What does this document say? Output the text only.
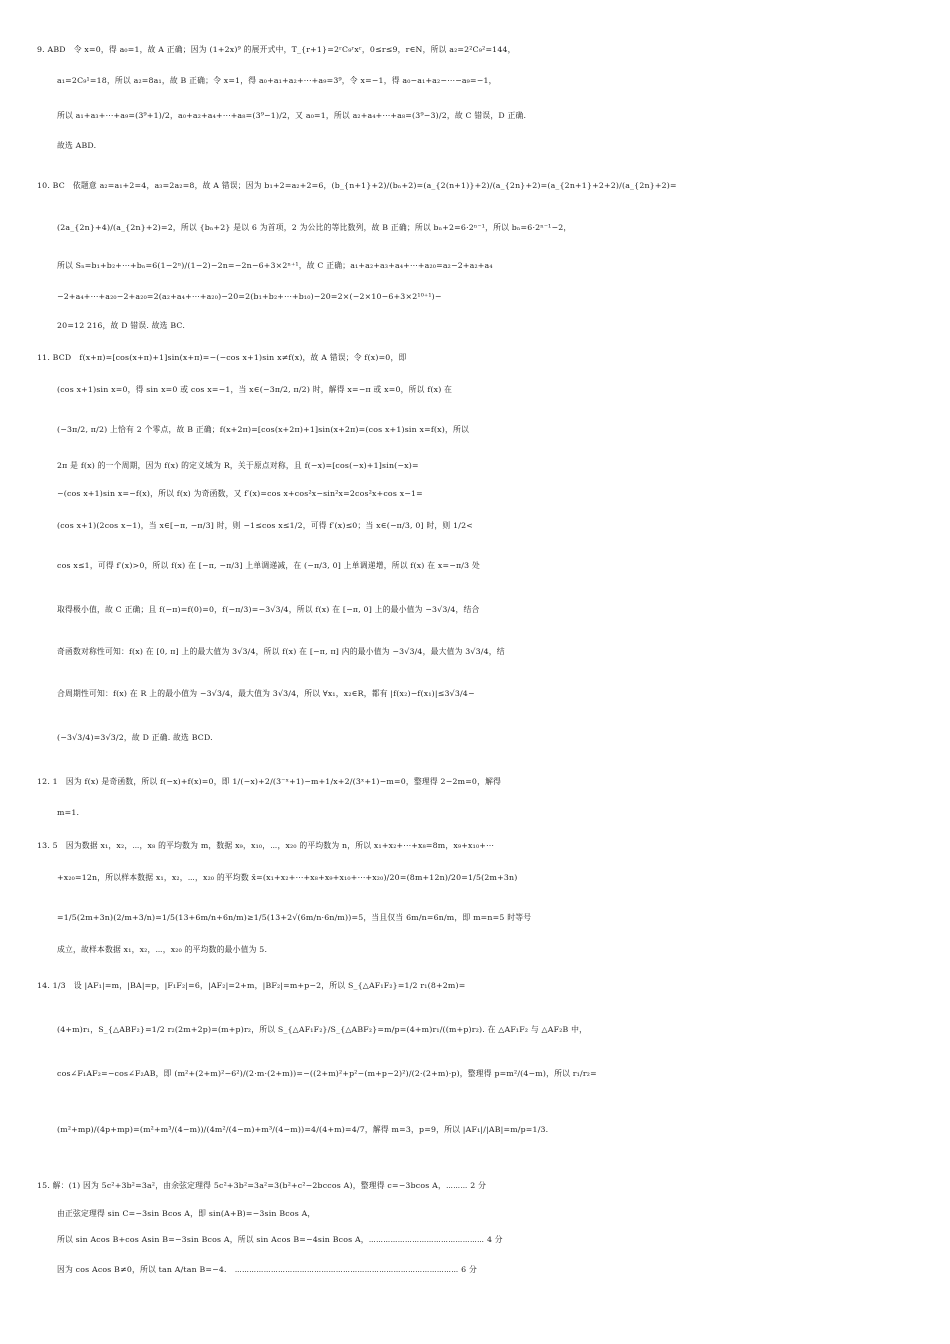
9. ABD　令 x=0，得 a₀=1，故 A 正确；因为 (1+2x)⁹ 的展开式中，T_{r+1}=2ʳC₉ʳxʳ，0≤r≤9，r∈N，所以 a₂=2²C₉²=144，
a₁=2C₉¹=18，所以 a₂=8a₁，故 B 正确；令 x=1，得 a₀+a₁+a₂+⋯+a₉=3⁹，令 x=−1，得 a₀−a₁+a₂−⋯−a₉=−1，
所以 a₁+a₃+⋯+a₉=(3⁹+1)/2，a₀+a₂+a₄+⋯+a₈=(3⁹−1)/2，又 a₀=1，所以 a₂+a₄+⋯+a₈=(3⁹−3)/2，故 C 错误，D 正确.
故选 ABD.
10. BC　依题意 a₂=a₁+2=4，a₃=2a₂=8，故 A 错误；因为 b₁+2=a₂+2=6，(b_{n+1}+2)/(bₙ+2)=(a_{2(n+1)}+2)/(a_{2n}+2)=(a_{2n+1}+2+2)/(a_{2n}+2)=
(2a_{2n}+4)/(a_{2n}+2)=2，所以 {bₙ+2} 是以 6 为首项，2 为公比的等比数列，故 B 正确；所以 bₙ+2=6·2ⁿ⁻¹，所以 bₙ=6·2ⁿ⁻¹−2，
所以 Sₙ=b₁+b₂+⋯+bₙ=6(1−2ⁿ)/(1−2)−2n=−2n−6+3×2ⁿ⁺¹，故 C 正确；a₁+a₂+a₃+a₄+⋯+a₂₀=a₂−2+a₂+a₄
−2+a₄+⋯+a₂₀−2+a₂₀=2(a₂+a₄+⋯+a₂₀)−20=2(b₁+b₂+⋯+b₁₀)−20=2×(−2×10−6+3×2¹⁰⁺¹)−
20=12 216，故 D 错误. 故选 BC.
11. BCD　f(x+π)=[cos(x+π)+1]sin(x+π)=−(−cos x+1)sin x≠f(x)，故 A 错误；令 f(x)=0，即
(cos x+1)sin x=0，得 sin x=0 或 cos x=−1，当 x∈(−3π/2, π/2) 时，解得 x=−π 或 x=0，所以 f(x) 在
(−3π/2, π/2) 上恰有 2 个零点，故 B 正确；f(x+2π)=[cos(x+2π)+1]sin(x+2π)=(cos x+1)sin x=f(x)，所以
2π 是 f(x) 的一个周期，因为 f(x) 的定义域为 R，关于原点对称，且 f(−x)=[cos(−x)+1]sin(−x)=
−(cos x+1)sin x=−f(x)，所以 f(x) 为奇函数，又 f′(x)=cos x+cos²x−sin²x=2cos²x+cos x−1=
(cos x+1)(2cos x−1)，当 x∈[−π, −π/3] 时，则 −1≤cos x≤1/2，可得 f′(x)≤0；当 x∈(−π/3, 0] 时，则 1/2<
cos x≤1，可得 f′(x)>0，所以 f(x) 在 [−π, −π/3] 上单调递减，在 (−π/3, 0] 上单调递增，所以 f(x) 在 x=−π/3 处
取得极小值，故 C 正确；且 f(−π)=f(0)=0，f(−π/3)=−3√3/4，所以 f(x) 在 [−π, 0] 上的最小值为 −3√3/4，结合
奇函数对称性可知：f(x) 在 [0, π] 上的最大值为 3√3/4，所以 f(x) 在 [−π, π] 内的最小值为 −3√3/4，最大值为 3√3/4，结
合周期性可知：f(x) 在 R 上的最小值为 −3√3/4，最大值为 3√3/4，所以 ∀x₁，x₂∈R，都有 |f(x₂)−f(x₁)|≤3√3/4−
(−3√3/4)=3√3/2，故 D 正确. 故选 BCD.
12. 1　因为 f(x) 是奇函数，所以 f(−x)+f(x)=0，即 1/(−x)+2/(3⁻ˣ+1)−m+1/x+2/(3ˣ+1)−m=0，整理得 2−2m=0，解得
m=1.
13. 5　因为数据 x₁，x₂，⋯，x₈ 的平均数为 m，数据 x₉，x₁₀，⋯，x₂₀ 的平均数为 n，所以 x₁+x₂+⋯+x₈=8m，x₉+x₁₀+⋯
+x₂₀=12n，所以样本数据 x₁，x₂，⋯，x₂₀ 的平均数 x̄=(x₁+x₂+⋯+x₈+x₉+x₁₀+⋯+x₂₀)/20=(8m+12n)/20=1/5(2m+3n)
=1/5(2m+3n)(2/m+3/n)=1/5(13+6m/n+6n/m)≥1/5(13+2√(6m/n·6n/m))=5，当且仅当 6m/n=6n/m，即 m=n=5 时等号
成立，故样本数据 x₁，x₂，⋯，x₂₀ 的平均数的最小值为 5.
14. 1/3　设 |AF₁|=m，|BA|=p，|F₁F₂|=6，|AF₂|=2+m，|BF₂|=m+p−2，所以 S_{△AF₁F₂}=1/2 r₁(8+2m)=
(4+m)r₁，S_{△ABF₂}=1/2 r₂(2m+2p)=(m+p)r₂，所以 S_{△AF₁F₂}/S_{△ABF₂}=m/p=(4+m)r₁/((m+p)r₂). 在 △AF₁F₂ 与 △AF₂B 中，
cos∠F₁AF₂=−cos∠F₂AB，即 (m²+(2+m)²−6²)/(2·m·(2+m))=−((2+m)²+p²−(m+p−2)²)/(2·(2+m)·p)，整理得 p=m²/(4−m)，所以 r₁/r₂=
(m²+mp)/(4p+mp)=(m²+m³/(4−m))/(4m²/(4−m)+m³/(4−m))=4/(4+m)=4/7，解得 m=3，p=9，所以 |AF₁|/|AB|=m/p=1/3.
15. 解：(1) 因为 5c²+3b²=3a²，由余弦定理得 5c²+3b²=3a²=3(b²+c²−2bccos A)，整理得 c=−3bcos A，⋯⋯⋯ 2 分
由正弦定理得 sin C=−3sin Bcos A，即 sin(A+B)=−3sin Bcos A，
所以 sin Acos B+cos Asin B=−3sin Bcos A，所以 sin Acos B=−4sin Bcos A，⋯⋯⋯⋯⋯⋯⋯⋯⋯⋯⋯⋯⋯⋯⋯⋯ 4 分
因为 cos Acos B≠0，所以 tan A/tan B=−4.　⋯⋯⋯⋯⋯⋯⋯⋯⋯⋯⋯⋯⋯⋯⋯⋯⋯⋯⋯⋯⋯⋯⋯⋯⋯⋯⋯⋯⋯⋯⋯ 6 分
